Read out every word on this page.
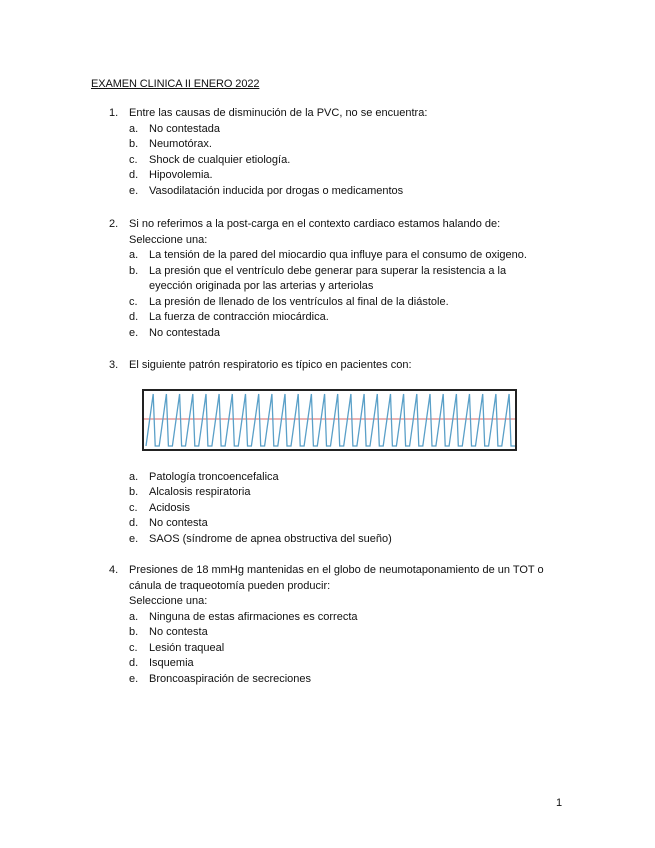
EXAMEN CLINICA II ENERO 2022
1. Entre las causas de disminución de la PVC, no se encuentra:
a. No contestada
b. Neumotórax.
c. Shock de cualquier etiología.
d. Hipovolemia.
e. Vasodilatación inducida por drogas o medicamentos
2. Si no referimos a la post-carga en el contexto cardiaco estamos halando de:
Seleccione una:
a. La tensión de la pared del miocardio qua influye para el consumo de oxigeno.
b. La presión que el ventrículo debe generar para superar la resistencia a la eyección originada por las arterias y arteriolas
c. La presión de llenado de los ventrículos al final de la diástole.
d. La fuerza de contracción miocárdica.
e. No contestada
3. El siguiente patrón respiratorio es típico en pacientes con:
a. Patología troncoencefalica
b. Alcalosis respiratoria
c. Acidosis
d. No contesta
e. SAOS (síndrome de apnea obstructiva del sueño)
4. Presiones de 18 mmHg mantenidas en el globo de neumotaponamiento de un TOT o cánula de traqueotomía pueden producir:
Seleccione una:
a. Ninguna de estas afirmaciones es correcta
b. No contesta
c. Lesión traqueal
d. Isquemia
e. Broncoaspiración de secreciones
1
